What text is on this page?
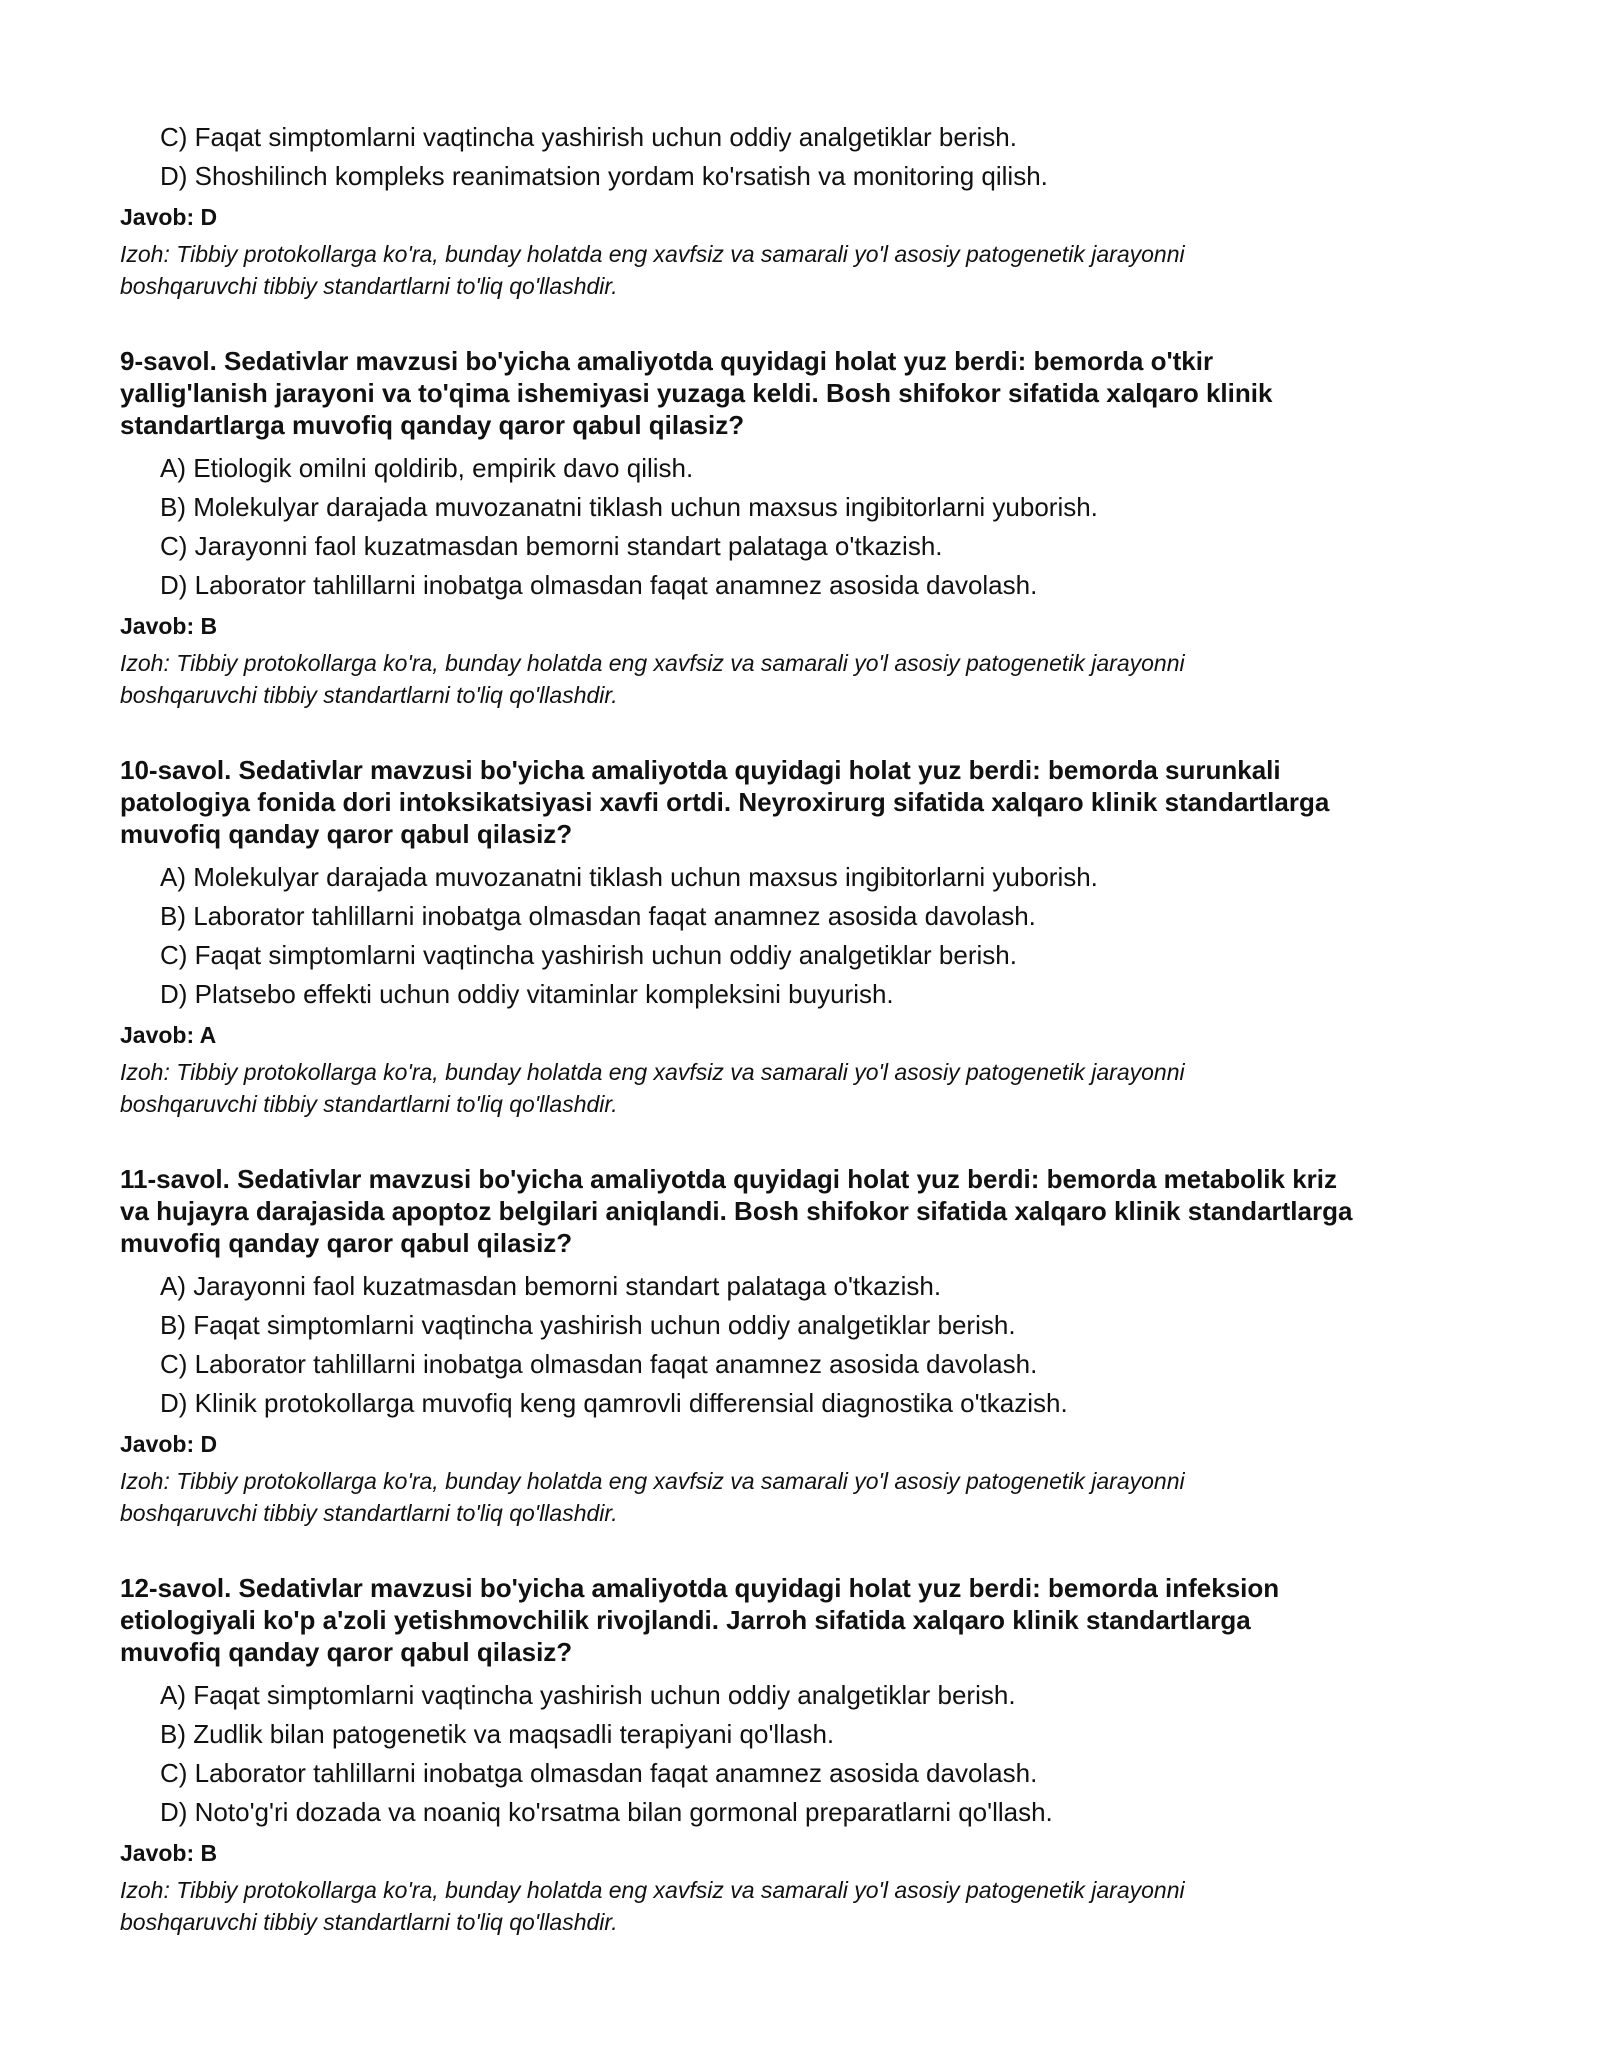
C) Faqat simptomlarni vaqtincha yashirish uchun oddiy analgetiklar berish.
D) Shoshilinch kompleks reanimatsion yordam ko'rsatish va monitoring qilish.
Javob: D
Izoh: Tibbiy protokollarga ko'ra, bunday holatda eng xavfsiz va samarali yo'l asosiy patogenetik jarayonni
boshqaruvchi tibbiy standartlarni to'liq qo'llashdir.
9-savol. Sedativlar mavzusi bo'yicha amaliyotda quyidagi holat yuz berdi: bemorda o'tkir
yallig'lanish jarayoni va to'qima ishemiyasi yuzaga keldi. Bosh shifokor sifatida xalqaro klinik
standartlarga muvofiq qanday qaror qabul qilasiz?
A) Etiologik omilni qoldirib, empirik davo qilish.
B) Molekulyar darajada muvozanatni tiklash uchun maxsus ingibitorlarni yuborish.
C) Jarayonni faol kuzatmasdan bemorni standart palataga o'tkazish.
D) Laborator tahlillarni inobatga olmasdan faqat anamnez asosida davolash.
Javob: B
Izoh: Tibbiy protokollarga ko'ra, bunday holatda eng xavfsiz va samarali yo'l asosiy patogenetik jarayonni
boshqaruvchi tibbiy standartlarni to'liq qo'llashdir.
10-savol. Sedativlar mavzusi bo'yicha amaliyotda quyidagi holat yuz berdi: bemorda surunkali
patologiya fonida dori intoksikatsiyasi xavfi ortdi. Neyroxirurg sifatida xalqaro klinik standartlarga
muvofiq qanday qaror qabul qilasiz?
A) Molekulyar darajada muvozanatni tiklash uchun maxsus ingibitorlarni yuborish.
B) Laborator tahlillarni inobatga olmasdan faqat anamnez asosida davolash.
C) Faqat simptomlarni vaqtincha yashirish uchun oddiy analgetiklar berish.
D) Platsebo effekti uchun oddiy vitaminlar kompleksini buyurish.
Javob: A
Izoh: Tibbiy protokollarga ko'ra, bunday holatda eng xavfsiz va samarali yo'l asosiy patogenetik jarayonni
boshqaruvchi tibbiy standartlarni to'liq qo'llashdir.
11-savol. Sedativlar mavzusi bo'yicha amaliyotda quyidagi holat yuz berdi: bemorda metabolik kriz
va hujayra darajasida apoptoz belgilari aniqlandi. Bosh shifokor sifatida xalqaro klinik standartlarga
muvofiq qanday qaror qabul qilasiz?
A) Jarayonni faol kuzatmasdan bemorni standart palataga o'tkazish.
B) Faqat simptomlarni vaqtincha yashirish uchun oddiy analgetiklar berish.
C) Laborator tahlillarni inobatga olmasdan faqat anamnez asosida davolash.
D) Klinik protokollarga muvofiq keng qamrovli differensial diagnostika o'tkazish.
Javob: D
Izoh: Tibbiy protokollarga ko'ra, bunday holatda eng xavfsiz va samarali yo'l asosiy patogenetik jarayonni
boshqaruvchi tibbiy standartlarni to'liq qo'llashdir.
12-savol. Sedativlar mavzusi bo'yicha amaliyotda quyidagi holat yuz berdi: bemorda infeksion
etiologiyali ko'p a'zoli yetishmovchilik rivojlandi. Jarroh sifatida xalqaro klinik standartlarga
muvofiq qanday qaror qabul qilasiz?
A) Faqat simptomlarni vaqtincha yashirish uchun oddiy analgetiklar berish.
B) Zudlik bilan patogenetik va maqsadli terapiyani qo'llash.
C) Laborator tahlillarni inobatga olmasdan faqat anamnez asosida davolash.
D) Noto'g'ri dozada va noaniq ko'rsatma bilan gormonal preparatlarni qo'llash.
Javob: B
Izoh: Tibbiy protokollarga ko'ra, bunday holatda eng xavfsiz va samarali yo'l asosiy patogenetik jarayonni
boshqaruvchi tibbiy standartlarni to'liq qo'llashdir.
